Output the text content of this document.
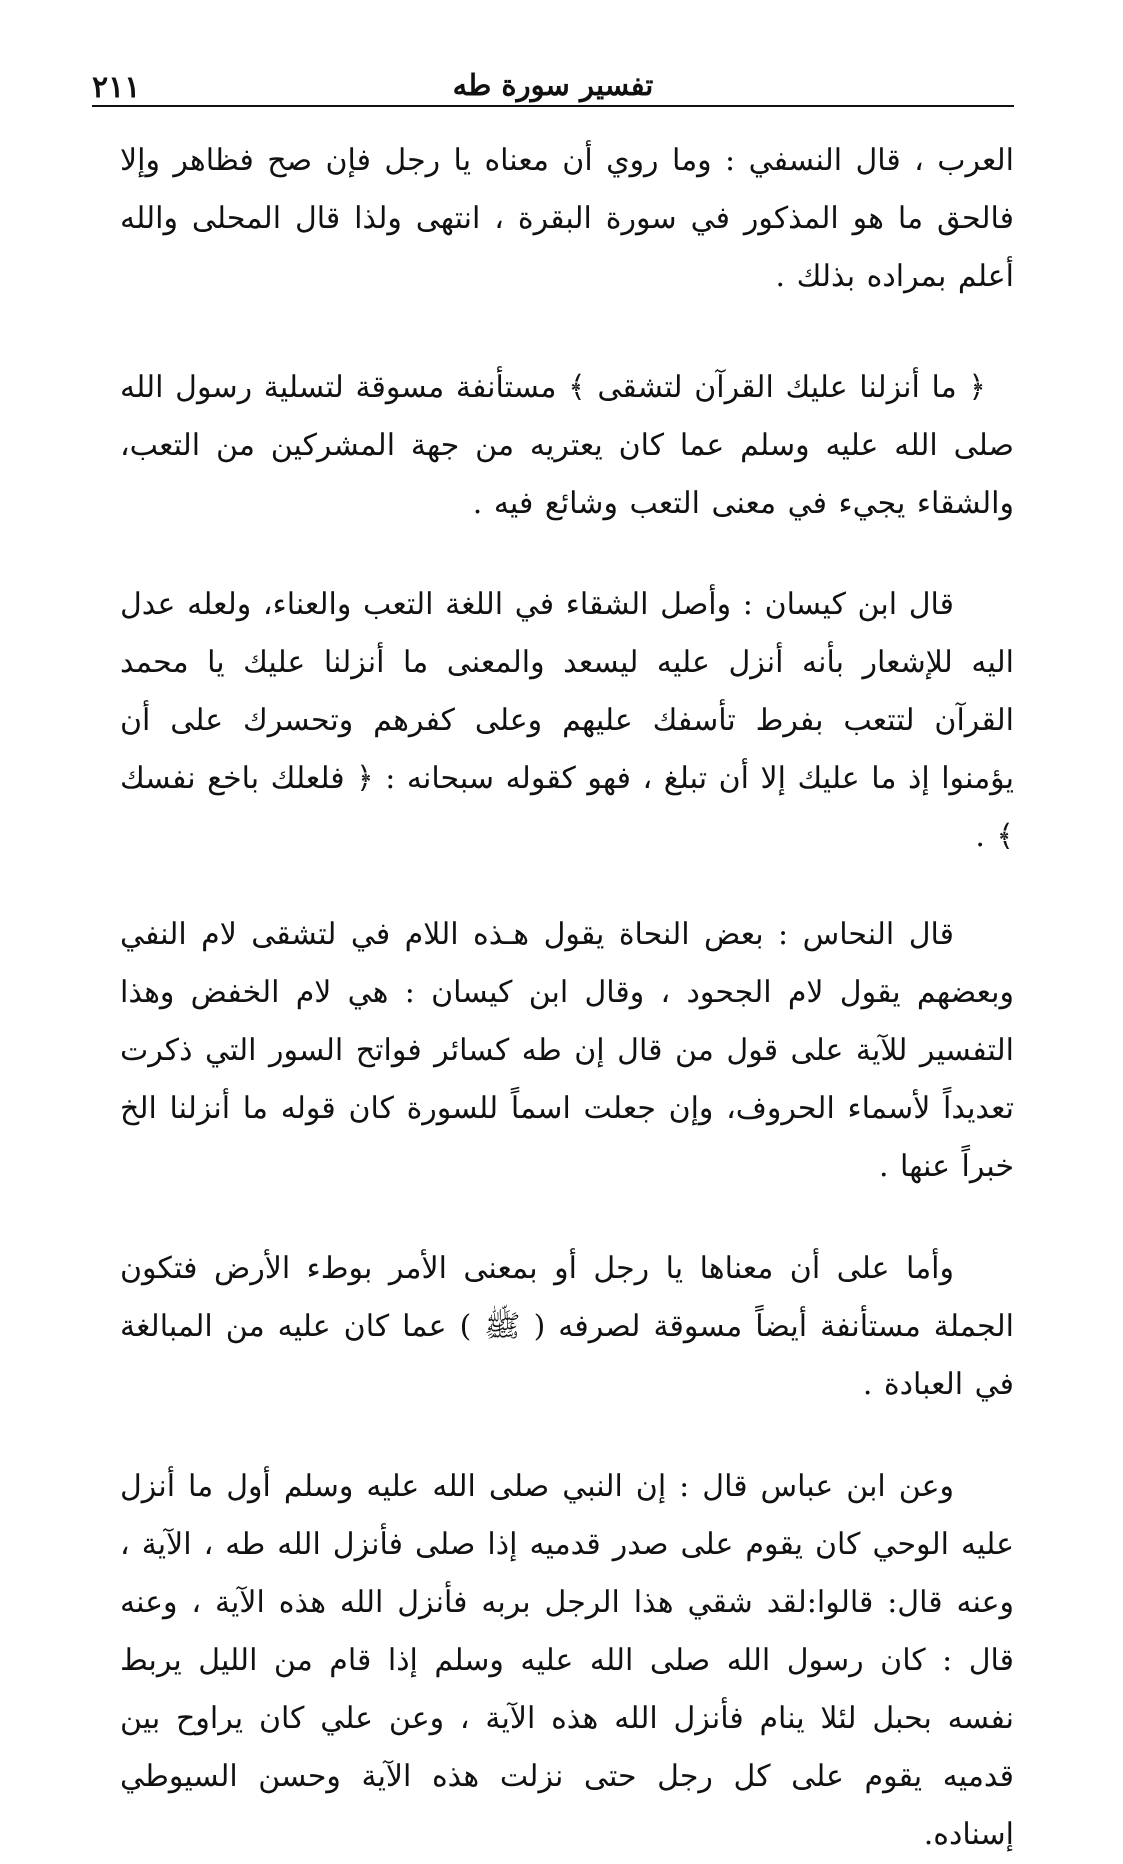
تفسير سورة طه
٢١١

العرب ، قال النسفي : وما روي أن معناه يا رجل فإن صح فظاهر وإلا فالحق ما هو المذكور في سورة البقرة ، انتهى ولذا قال المحلى والله أعلم بمراده بذلك .

﴿ ما أنزلنا عليك القرآن لتشقى ﴾ مستأنفة مسوقة لتسلية رسول الله صلى الله عليه وسلم عما كان يعتريه من جهة المشركين من التعب، والشقاء يجيء في معنى التعب وشائع فيه .

قال ابن كيسان : وأصل الشقاء في اللغة التعب والعناء، ولعله عدل اليه للإشعار بأنه أنزل عليه ليسعد والمعنى ما أنزلنا عليك يا محمد القرآن لتتعب بفرط تأسفك عليهم وعلى كفرهم وتحسرك على أن يؤمنوا إذ ما عليك إلا أن تبلغ ، فهو كقوله سبحانه : ﴿ فلعلك باخع نفسك ﴾ .

قال النحاس : بعض النحاة يقول هـذه اللام في لتشقى لام النفي وبعضهم يقول لام الجحود ، وقال ابن كيسان : هي لام الخفض وهذا التفسير للآية على قول من قال إن طه كسائر فواتح السور التي ذكرت تعديداً لأسماء الحروف، وإن جعلت اسماً للسورة كان قوله ما أنزلنا الخ خبراً عنها .

وأما على أن معناها يا رجل أو بمعنى الأمر بوطء الأرض فتكون الجملة مستأنفة أيضاً مسوقة لصرفه ( ﷺ ) عما كان عليه من المبالغة في العبادة .

وعن ابن عباس قال : إن النبي صلى الله عليه وسلم أول ما أنزل عليه الوحي كان يقوم على صدر قدميه إذا صلى فأنزل الله طه ، الآية ، وعنه قال: قالوا:لقد شقي هذا الرجل بربه فأنزل الله هذه الآية ، وعنه قال : كان رسول الله صلى الله عليه وسلم إذا قام من الليل يربط نفسه بحبل لئلا ينام فأنزل الله هذه الآية ، وعن علي كان يراوح بين قدميه يقوم على كل رجل حتى نزلت هذه الآية وحسن السيوطي إسناده.
